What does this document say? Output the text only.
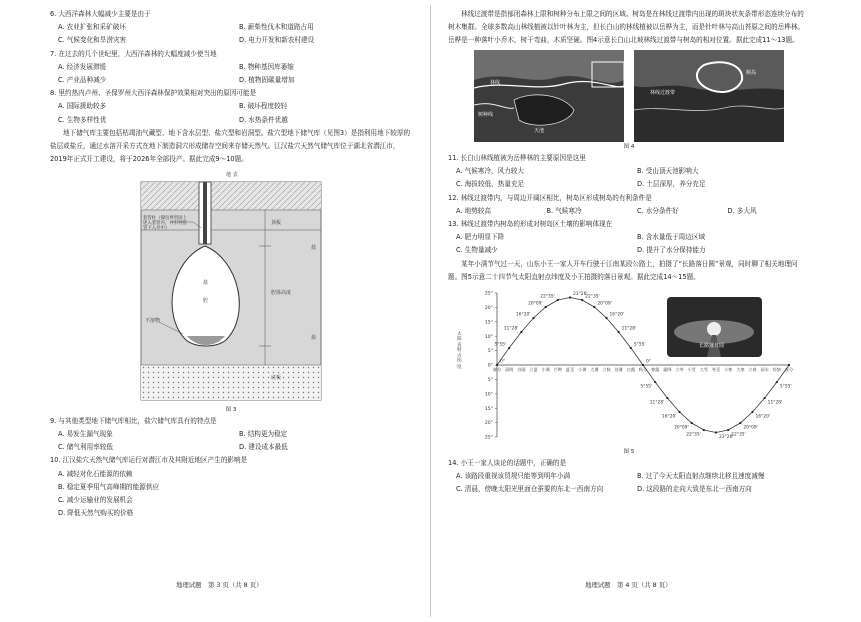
6. 大西洋森林大幅减少主要是由于

A. 农业扩张和采矿破坏	B. 薪柴性伐木和道路占用
C. 气候变化和旱涝灾害	D. 电力开发和新农村建设

7. 在过去的几个世纪里，大西洋森林的大幅度减少使当地

A. 经济发展滞缓	B. 物种基因库萎缩
C. 产业品种减少	D. 植物固碳量增加

8. 里约热内卢州、圣保罗州大西洋森林保护效果相对突出的原因可能是

A. 国际援助较多	B. 破坏程度较轻
C. 生物多样性优	D. 水热条件优越

地下储气库主要包括枯竭油气藏型、地下含水层型、盐穴型和岩洞型。盐穴型地下储气库（见图3）是指利用地下较厚的盐层或盐丘，通过水溶开采方式在地下制造洞穴形成储存空间来存储天然气。江汉盐穴天然气储气库位于湖北省潜江市，2019年正式开工建设，将于2026年全部投产。据此完成9～10题。

地 表
套管柱（镍包界型固上述入套管内，并引导套管下入井中）
顶板
盐
腔体高度
盐
底板
盐
腔
不溶物
图 3

9. 与其他类型地下储气库相比，盐穴储气库具有的特点是

A. 易发生漏气现象	B. 结构更为稳定
C. 储气利用率较低	D. 建设成本最低

10. 江汉盐穴天然气储气库运行对潜江市及其附近地区产生的影响是

A. 减轻对化石能源的依赖
B. 稳定夏季用气高峰期的能源供应
C. 减少运输业的发展机会
D. 降低天然气购买的价格
地理试题　第 3 页（共 8 页）

林线过渡带是指郁闭森林上限和树种分布上限之间的区域。树岛是在林线过渡带内出现的斑块状灰条带形态连续分布的树木集群。全球多数高山林线植被以针叶林为主，但长白山的林线植被以岳桦为主，而是针叶林与高山苔原之间的岳桦林。岳桦是一种落叶小乔木，树干弯曲，木质坚硬。图4示意长白山北坡林线过渡带与树岛的相对位置。据此完成11～13题。

林线
树种线
天池
林线过渡带
树岛
图 4

11. 长白山林线植被为岳桦林的主要原因是这里

A. 气候寒冷，风力较大	B. 受山顶天池影响大
C. 海拔较低，热量充足	D. 土层深厚，养分充足

12. 林线过渡带内，与周边开阔区相比，树岛区形成树岛的有利条件是

A. 地势较高	B. 气候寒冷	C. 水分条件好	D. 多大风

13. 林线过渡带内树岛的形成对树岛区土壤的影响体现在

A. 肥力明显下降	B. 含水量低于周边区域
C. 生物量减少	D. 提升了水分保持能力

某年小满节气过一天，山东小王一家人开车行驶于江南某段公路上，拍摄了“长路落日圆”景观，同时聊了相关地理问题。图5示意二十四节气太阳直射点纬度及小王拍摄的落日景观。据此完成14～15题。

25°
20°
15°
10°
5°
0°
5°
10°
15°
20°
25°
0°
5°55'
11°28'
16°20'
20°09'
22°35'	23°26'
22°35'
20°09'
16°20'
11°28'
5°55'
0°
5°55'
11°28'
16°20'
20°09'
22°35'	23°26'
22°35'
20°09'
16°20'
11°28'
5°55'
春分 清明 谷雨 立夏 小满 芒种 夏至 小暑 大暑 立秋 处暑 白露 秋分 寒露 霜降 立冬 小雪 大雪 冬至 小寒 大寒 立春 雨水 惊蛰 春分
长路落日圆
太阳直射点纬度
图 5

14. 小王一家人谈论的话题中，正确的是

A. 该路段重视该贸规只能等到明年小满	B. 过了今天太阳直射点继续北移且速度减慢
C. 清晨，傍晚太阳光里面仓蚕要的东北一西南方向	D. 这段路的走向大致是东北一西南方向
地理试题　第 4 页（共 8 页）
